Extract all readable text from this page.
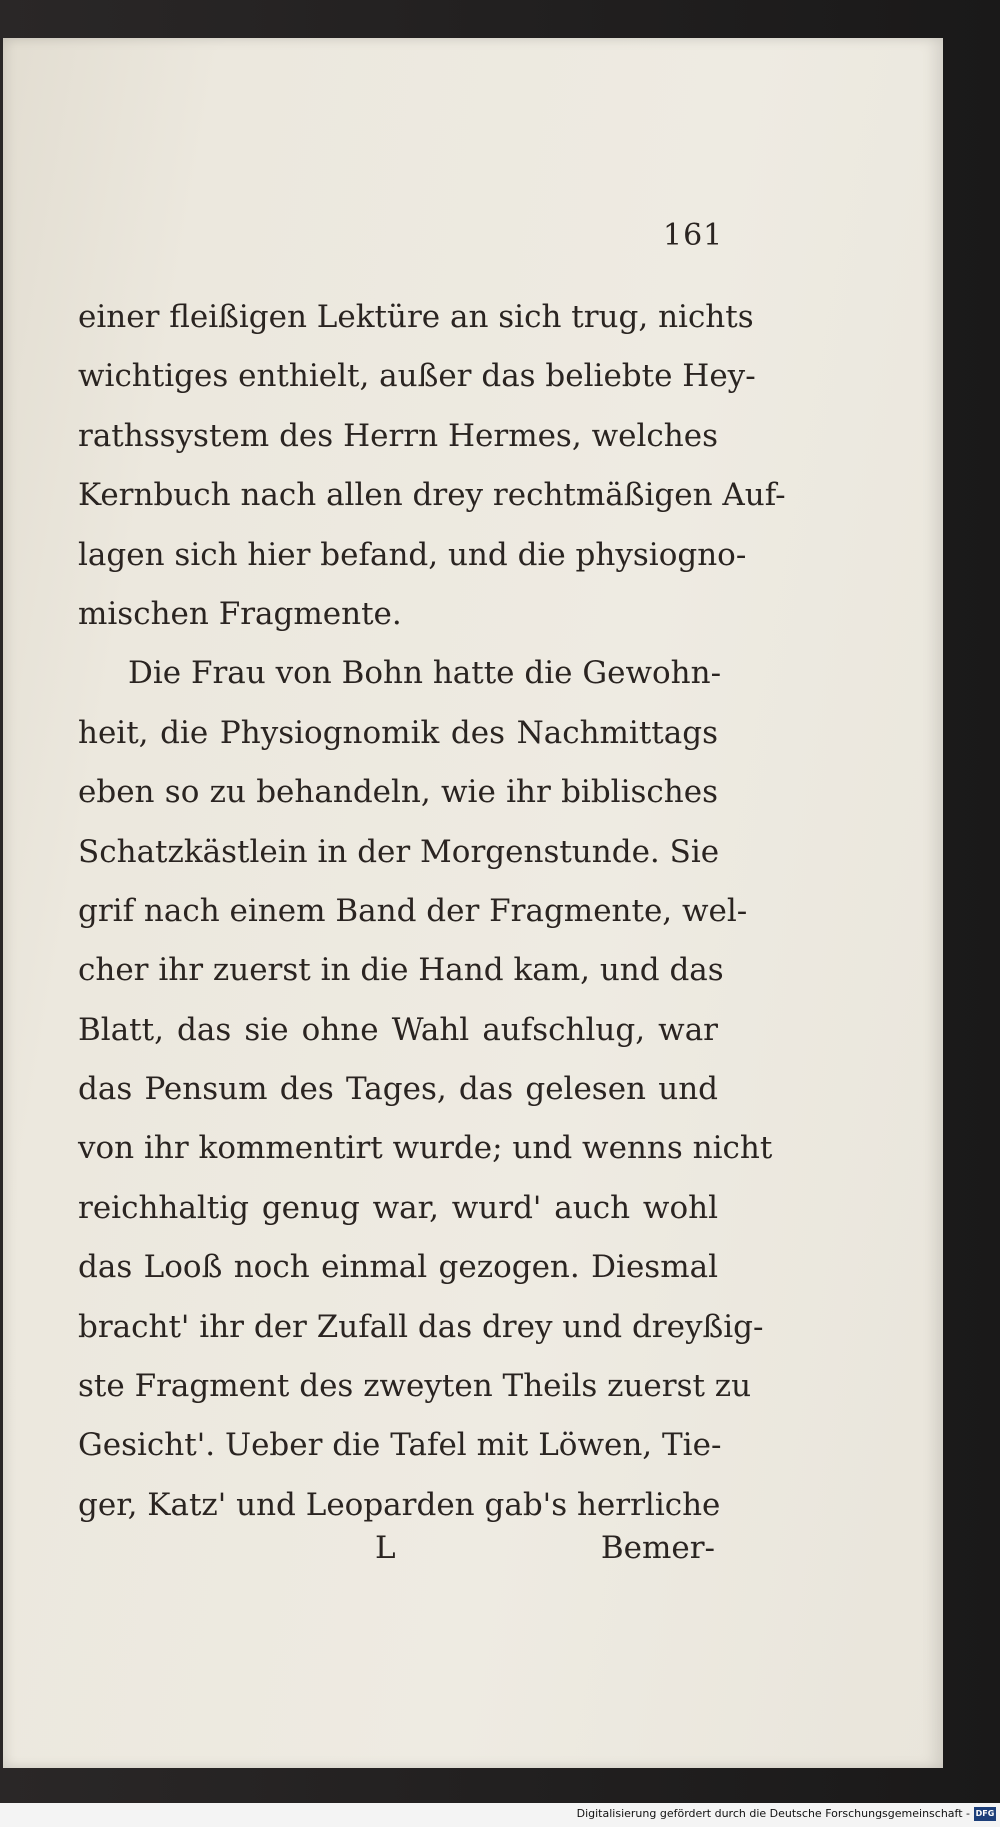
161
einer fleißigen Lektüre an sich trug, nichts
wichtiges enthielt, außer das beliebte Hey-
rathssystem des Herrn Hermes, welches
Kernbuch nach allen drey rechtmäßigen Auf-
lagen sich hier befand, und die physiogno-
mischen Fragmente.
Die Frau von Bohn hatte die Gewohn-
heit, die Physiognomik des Nachmittags
eben so zu behandeln, wie ihr biblisches
Schatzkästlein in der Morgenstunde. Sie
grif nach einem Band der Fragmente, wel-
cher ihr zuerst in die Hand kam, und das
Blatt, das sie ohne Wahl aufschlug, war
das Pensum des Tages, das gelesen und
von ihr kommentirt wurde; und wenns nicht
reichhaltig genug war, wurd' auch wohl
das Looß noch einmal gezogen. Diesmal
bracht' ihr der Zufall das drey und dreyßig-
ste Fragment des zweyten Theils zuerst zu
Gesicht'. Ueber die Tafel mit Löwen, Tie-
ger, Katz' und Leoparden gab's herrliche
L	Bemer-
Digitalisierung gefördert durch die Deutsche Forschungsgemeinschaft - DFG
